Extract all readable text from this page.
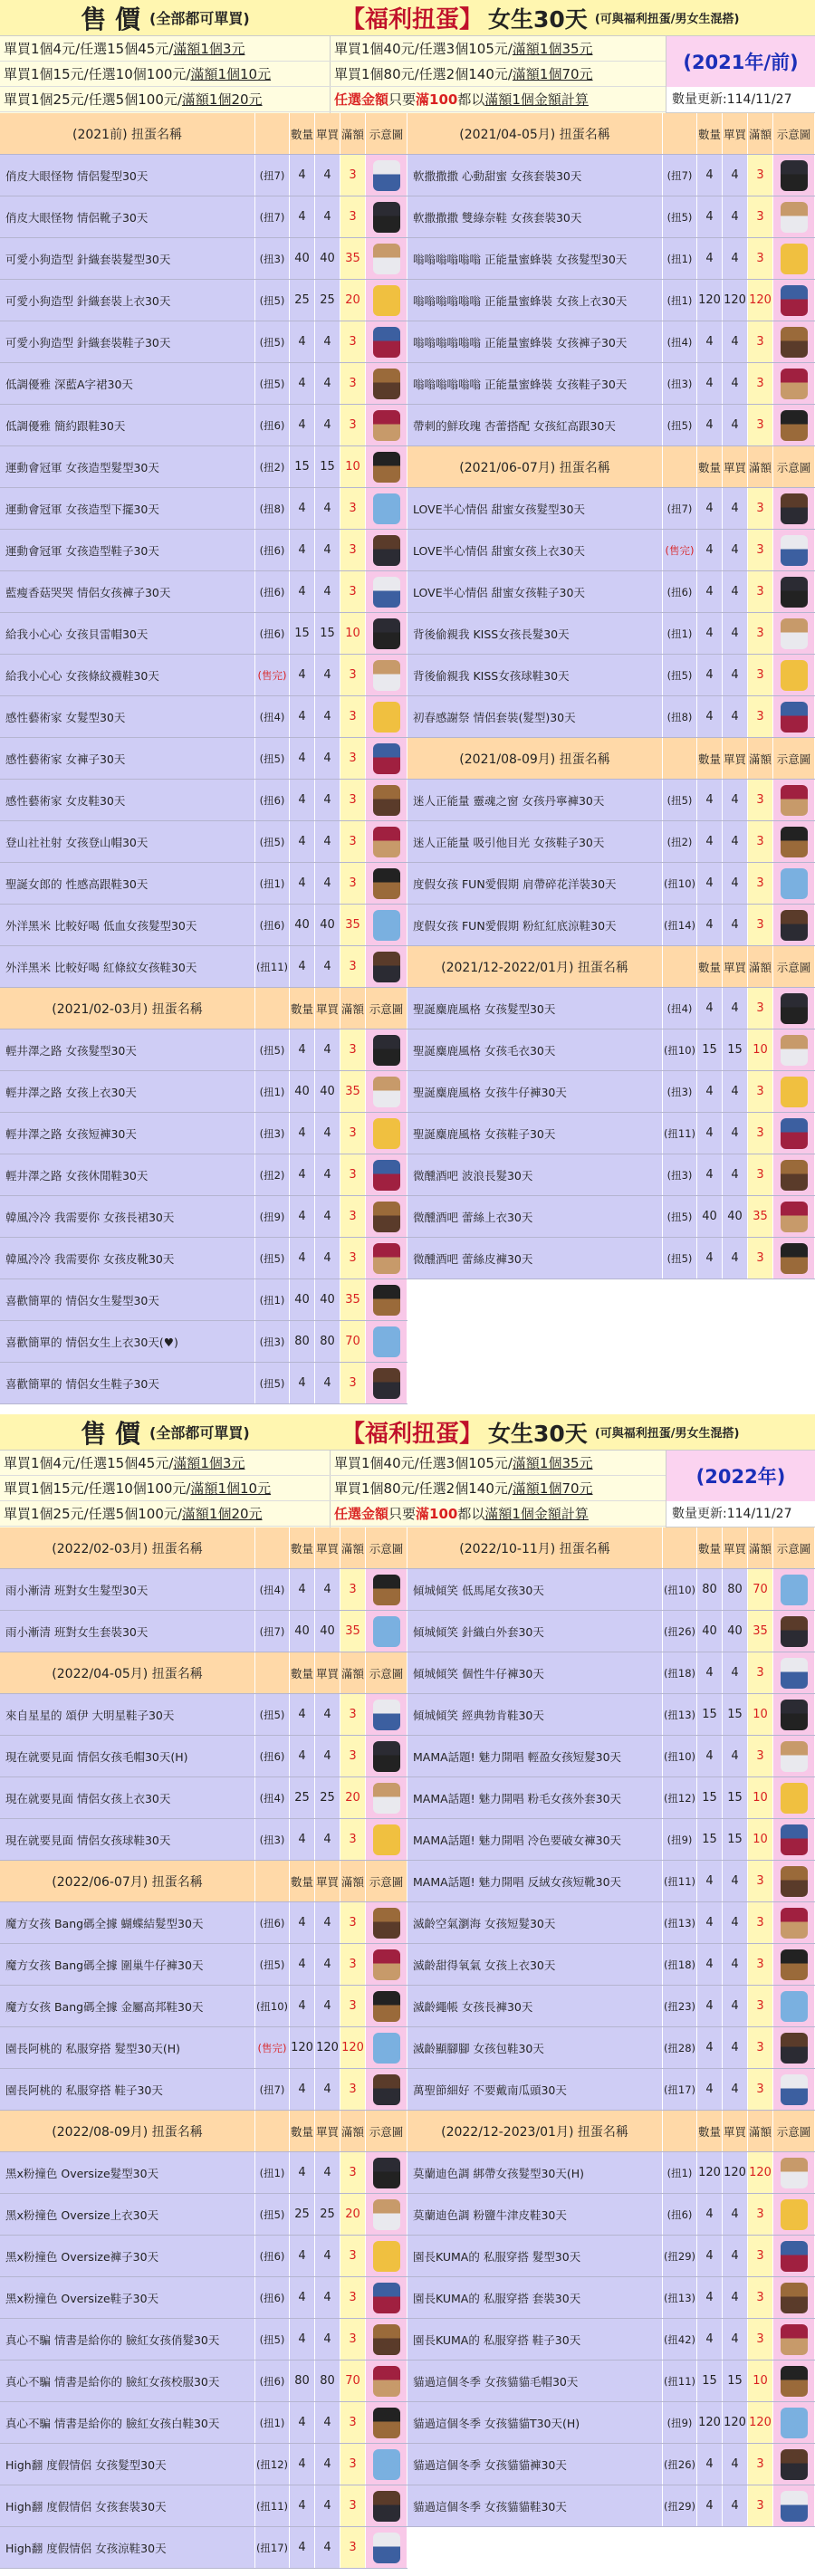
售 價 (全部都可單買)	【福利扭蛋】 女生30天 (可與福利扭蛋/男女生混搭)
單買1個4元/任選15個45元/滿額1個3元
單買1個15元/任選10個100元/滿額1個10元
單買1個25元/任選5個100元/滿額1個20元
單買1個40元/任選3個105元/滿額1個35元
單買1個80元/任選2個140元/滿額1個70元
任選金額只要滿100都以滿額1個金額計算
(2021年/前)
數量更新:114/11/27
(2021前) 扭蛋名稱	數量 單買 滿額 示意圖
俏皮大眼怪物 情侶髮型30天	(扭7)	4	4	3
俏皮大眼怪物 情侶靴子30天	(扭7)	4	4	3
可愛小狗造型 針織套裝髮型30天	(扭3) 40 40 35
可愛小狗造型 針織套裝上衣30天	(扭5) 25 25 20
可愛小狗造型 針織套裝鞋子30天	(扭5)	4	4	3
低調優雅 深藍A字裙30天	(扭5)	4	4	3
低調優雅 簡約跟鞋30天	(扭6)	4	4	3
運動會冠軍 女孩造型髮型30天	(扭2) 15 15 10
運動會冠軍 女孩造型下擺30天	(扭8)	4	4	3
運動會冠軍 女孩造型鞋子30天	(扭6)	4	4	3
藍瘦香菇哭哭 情侶女孩褲子30天	(扭6)	4	4	3
給我小心心 女孩貝雷帽30天	(扭6) 15 15 10
給我小心心 女孩條紋襪鞋30天	(售完) 4	4	3
感性藝術家 女髮型30天	(扭4)	4	4	3
感性藝術家 女褲子30天	(扭5)	4	4	3
感性藝術家 女皮鞋30天	(扭6)	4	4	3
登山社社射 女孩登山帽30天	(扭5)	4	4	3
聖誕女郎的 性感高跟鞋30天	(扭1)	4	4	3
外洋黑米 比較好喝 低血女孩髮型30天	(扭6) 40 40 35
外洋黑米 比較好喝 紅條紋女孩鞋30天	(扭11) 4	4	3
(2021/02-03月) 扭蛋名稱	數量 單買 滿額 示意圖
輕井澤之路 女孩髮型30天	(扭5)	4	4	3
輕井澤之路 女孩上衣30天	(扭1) 40 40 35
輕井澤之路 女孩短褲30天	(扭3)	4	4	3
輕井澤之路 女孩休閒鞋30天	(扭2)	4	4	3
韓風冷冷 我需要你 女孩長裙30天	(扭9)	4	4	3
韓風冷冷 我需要你 女孩皮靴30天	(扭5)	4	4	3
喜歡簡單的 情侶女生髮型30天	(扭1) 40 40 35
喜歡簡單的 情侶女生上衣30天(♥)	(扭3) 80 80 70
喜歡簡單的 情侶女生鞋子30天	(扭5)	4	4	3
(2021/04-05月) 扭蛋名稱	數量 單買 滿額 示意圖
軟撒撒撒 心動甜蜜 女孩套裝30天	(扭7)	4	4	3
軟撒撒撒 雙綠奈鞋 女孩套裝30天	(扭5)	4	4	3
嗡嗡嗡嗡嗡嗡 正能量蜜蜂裝 女孩髮型30天	(扭1)	4	4	3
嗡嗡嗡嗡嗡嗡 正能量蜜蜂裝 女孩上衣30天	(扭1) 120 120 120
嗡嗡嗡嗡嗡嗡 正能量蜜蜂裝 女孩褲子30天	(扭4)	4	4	3
嗡嗡嗡嗡嗡嗡 正能量蜜蜂裝 女孩鞋子30天	(扭3)	4	4	3
帶刺的鮮玫瑰 杏蕾搭配 女孩紅高跟30天	(扭5)	4	4	3
(2021/06-07月) 扭蛋名稱	數量 單買 滿額 示意圖
LOVE半心情侶 甜蜜女孩髮型30天	(扭7)	4	4	3
LOVE半心情侶 甜蜜女孩上衣30天	(售完) 4	4	3
LOVE半心情侶 甜蜜女孩鞋子30天	(扭6)	4	4	3
背後偷親我 KISS女孩長髮30天	(扭1)	4	4	3
背後偷親我 KISS女孩球鞋30天	(扭5)	4	4	3
初春感謝祭 情侶套裝(髮型)30天	(扭8)	4	4	3
(2021/08-09月) 扭蛋名稱	數量 單買 滿額 示意圖
迷人正能量 靈魂之窗 女孩丹寧褲30天	(扭5)	4	4	3
迷人正能量 吸引他目光 女孩鞋子30天	(扭2)	4	4	3
度假女孩 FUN愛假期 肩帶碎花洋裝30天	(扭10) 4	4	3
度假女孩 FUN愛假期 粉紅紅底涼鞋30天	(扭14) 4	4	3
(2021/12-2022/01月) 扭蛋名稱	數量 單買 滿額 示意圖
聖誕麋鹿風格 女孩髮型30天	(扭4)	4	4	3
聖誕麋鹿風格 女孩毛衣30天	(扭10) 15 15 10
聖誕麋鹿風格 女孩牛仔褲30天	(扭3)	4	4	3
聖誕麋鹿風格 女孩鞋子30天	(扭11) 4	4	3
微醺酒吧 波浪長髮30天	(扭3)	4	4	3
微醺酒吧 蕾絲上衣30天	(扭5) 40 40 35
微醺酒吧 蕾絲皮褲30天	(扭5)	4	4	3
售 價 (全部都可單買)	【福利扭蛋】 女生30天 (可與福利扭蛋/男女生混搭)
單買1個4元/任選15個45元/滿額1個3元
單買1個15元/任選10個100元/滿額1個10元
單買1個25元/任選5個100元/滿額1個20元
單買1個40元/任選3個105元/滿額1個35元
單買1個80元/任選2個140元/滿額1個70元
任選金額只要滿100都以滿額1個金額計算
(2022年)
數量更新:114/11/27
(2022/02-03月) 扭蛋名稱	數量 單買 滿額 示意圖
雨小漸清 班對女生髮型30天	(扭4)	4	4	3
雨小漸清 班對女生套裝30天	(扭7) 40 40 35
(2022/04-05月) 扭蛋名稱	數量 單買 滿額 示意圖
來自星星的 頌伊 大明星鞋子30天	(扭5)	4	4	3
現在就要見面 情侶女孩毛帽30天(H)	(扭6)	4	4	3
現在就要見面 情侶女孩上衣30天	(扭4) 25 25 20
現在就要見面 情侶女孩球鞋30天	(扭3)	4	4	3
(2022/06-07月) 扭蛋名稱	數量 單買 滿額 示意圖
魔方女孩 Bang碼全據 蝴蝶結髮型30天	(扭6)	4	4	3
魔方女孩 Bang碼全據 圍巢牛仔褲30天	(扭5)	4	4	3
魔方女孩 Bang碼全據 金屬高邦鞋30天	(扭10) 4	4	3
園長阿桃的 私服穿搭 髮型30天(H)	(售完) 120 120 120
園長阿桃的 私服穿搭 鞋子30天	(扭7)	4	4	3
(2022/08-09月) 扭蛋名稱	數量 單買 滿額 示意圖
黑x粉撞色 Oversize髮型30天	(扭1)	4	4	3
黑x粉撞色 Oversize上衣30天	(扭5) 25 25 20
黑x粉撞色 Oversize褲子30天	(扭6)	4	4	3
黑x粉撞色 Oversize鞋子30天	(扭6)	4	4	3
真心不騙 情書是給你的 臉紅女孩俏髮30天	(扭5)	4	4	3
真心不騙 情書是給你的 臉紅女孩校服30天	(扭6) 80 80 70
真心不騙 情書是給你的 臉紅女孩白鞋30天	(扭1)	4	4	3
High翻 度假情侶 女孩髮型30天	(扭12) 4	4	3
High翻 度假情侶 女孩套裝30天	(扭11) 4	4	3
High翻 度假情侶 女孩涼鞋30天	(扭17) 4	4	3
(2022/10-11月) 扭蛋名稱	數量 單買 滿額 示意圖
傾城傾笑 低馬尾女孩30天	(扭10) 80 80 70
傾城傾笑 針織白外套30天	(扭26) 40 40 35
傾城傾笑 個性牛仔褲30天	(扭18) 4	4	3
傾城傾笑 經典勃肯鞋30天	(扭13) 15 15 10
MAMA話題! 魅力開唱 輕盈女孩短髮30天	(扭10) 4	4	3
MAMA話題! 魅力開唱 粉毛女孩外套30天	(扭12) 15 15 10
MAMA話題! 魅力開唱 冷色要破女褲30天	(扭9) 15 15 10
MAMA話題! 魅力開唱 反絨女孩短靴30天	(扭11) 4	4	3
滅齡空氣瀏海 女孩短髮30天	(扭13) 4	4	3
滅齡甜得氧氣 女孩上衣30天	(扭18) 4	4	3
滅齡繩帳 女孩長褲30天	(扭23) 4	4	3
滅齡顯腳腳 女孩包鞋30天	(扭28) 4	4	3
萬聖節細好 不要戴南瓜頭30天	(扭17) 4	4	3
(2022/12-2023/01月) 扭蛋名稱	數量 單買 滿額 示意圖
莫蘭迪色調 綁帶女孩髮型30天(H)	(扭1) 120 120 120
莫蘭迪色調 粉鹽牛津皮鞋30天	(扭6)	4	4	3
園長KUMA的 私服穿搭 髮型30天	(扭29) 4	4	3
園長KUMA的 私服穿搭 套裝30天	(扭13) 4	4	3
園長KUMA的 私服穿搭 鞋子30天	(扭42) 4	4	3
貓過這個冬季 女孩貓貓毛帽30天	(扭11) 15 15 10
貓過這個冬季 女孩貓貓T30天(H)	(扭9) 120 120 120
貓過這個冬季 女孩貓貓褲30天	(扭26) 4	4	3
貓過這個冬季 女孩貓貓鞋30天	(扭29) 4	4	3
